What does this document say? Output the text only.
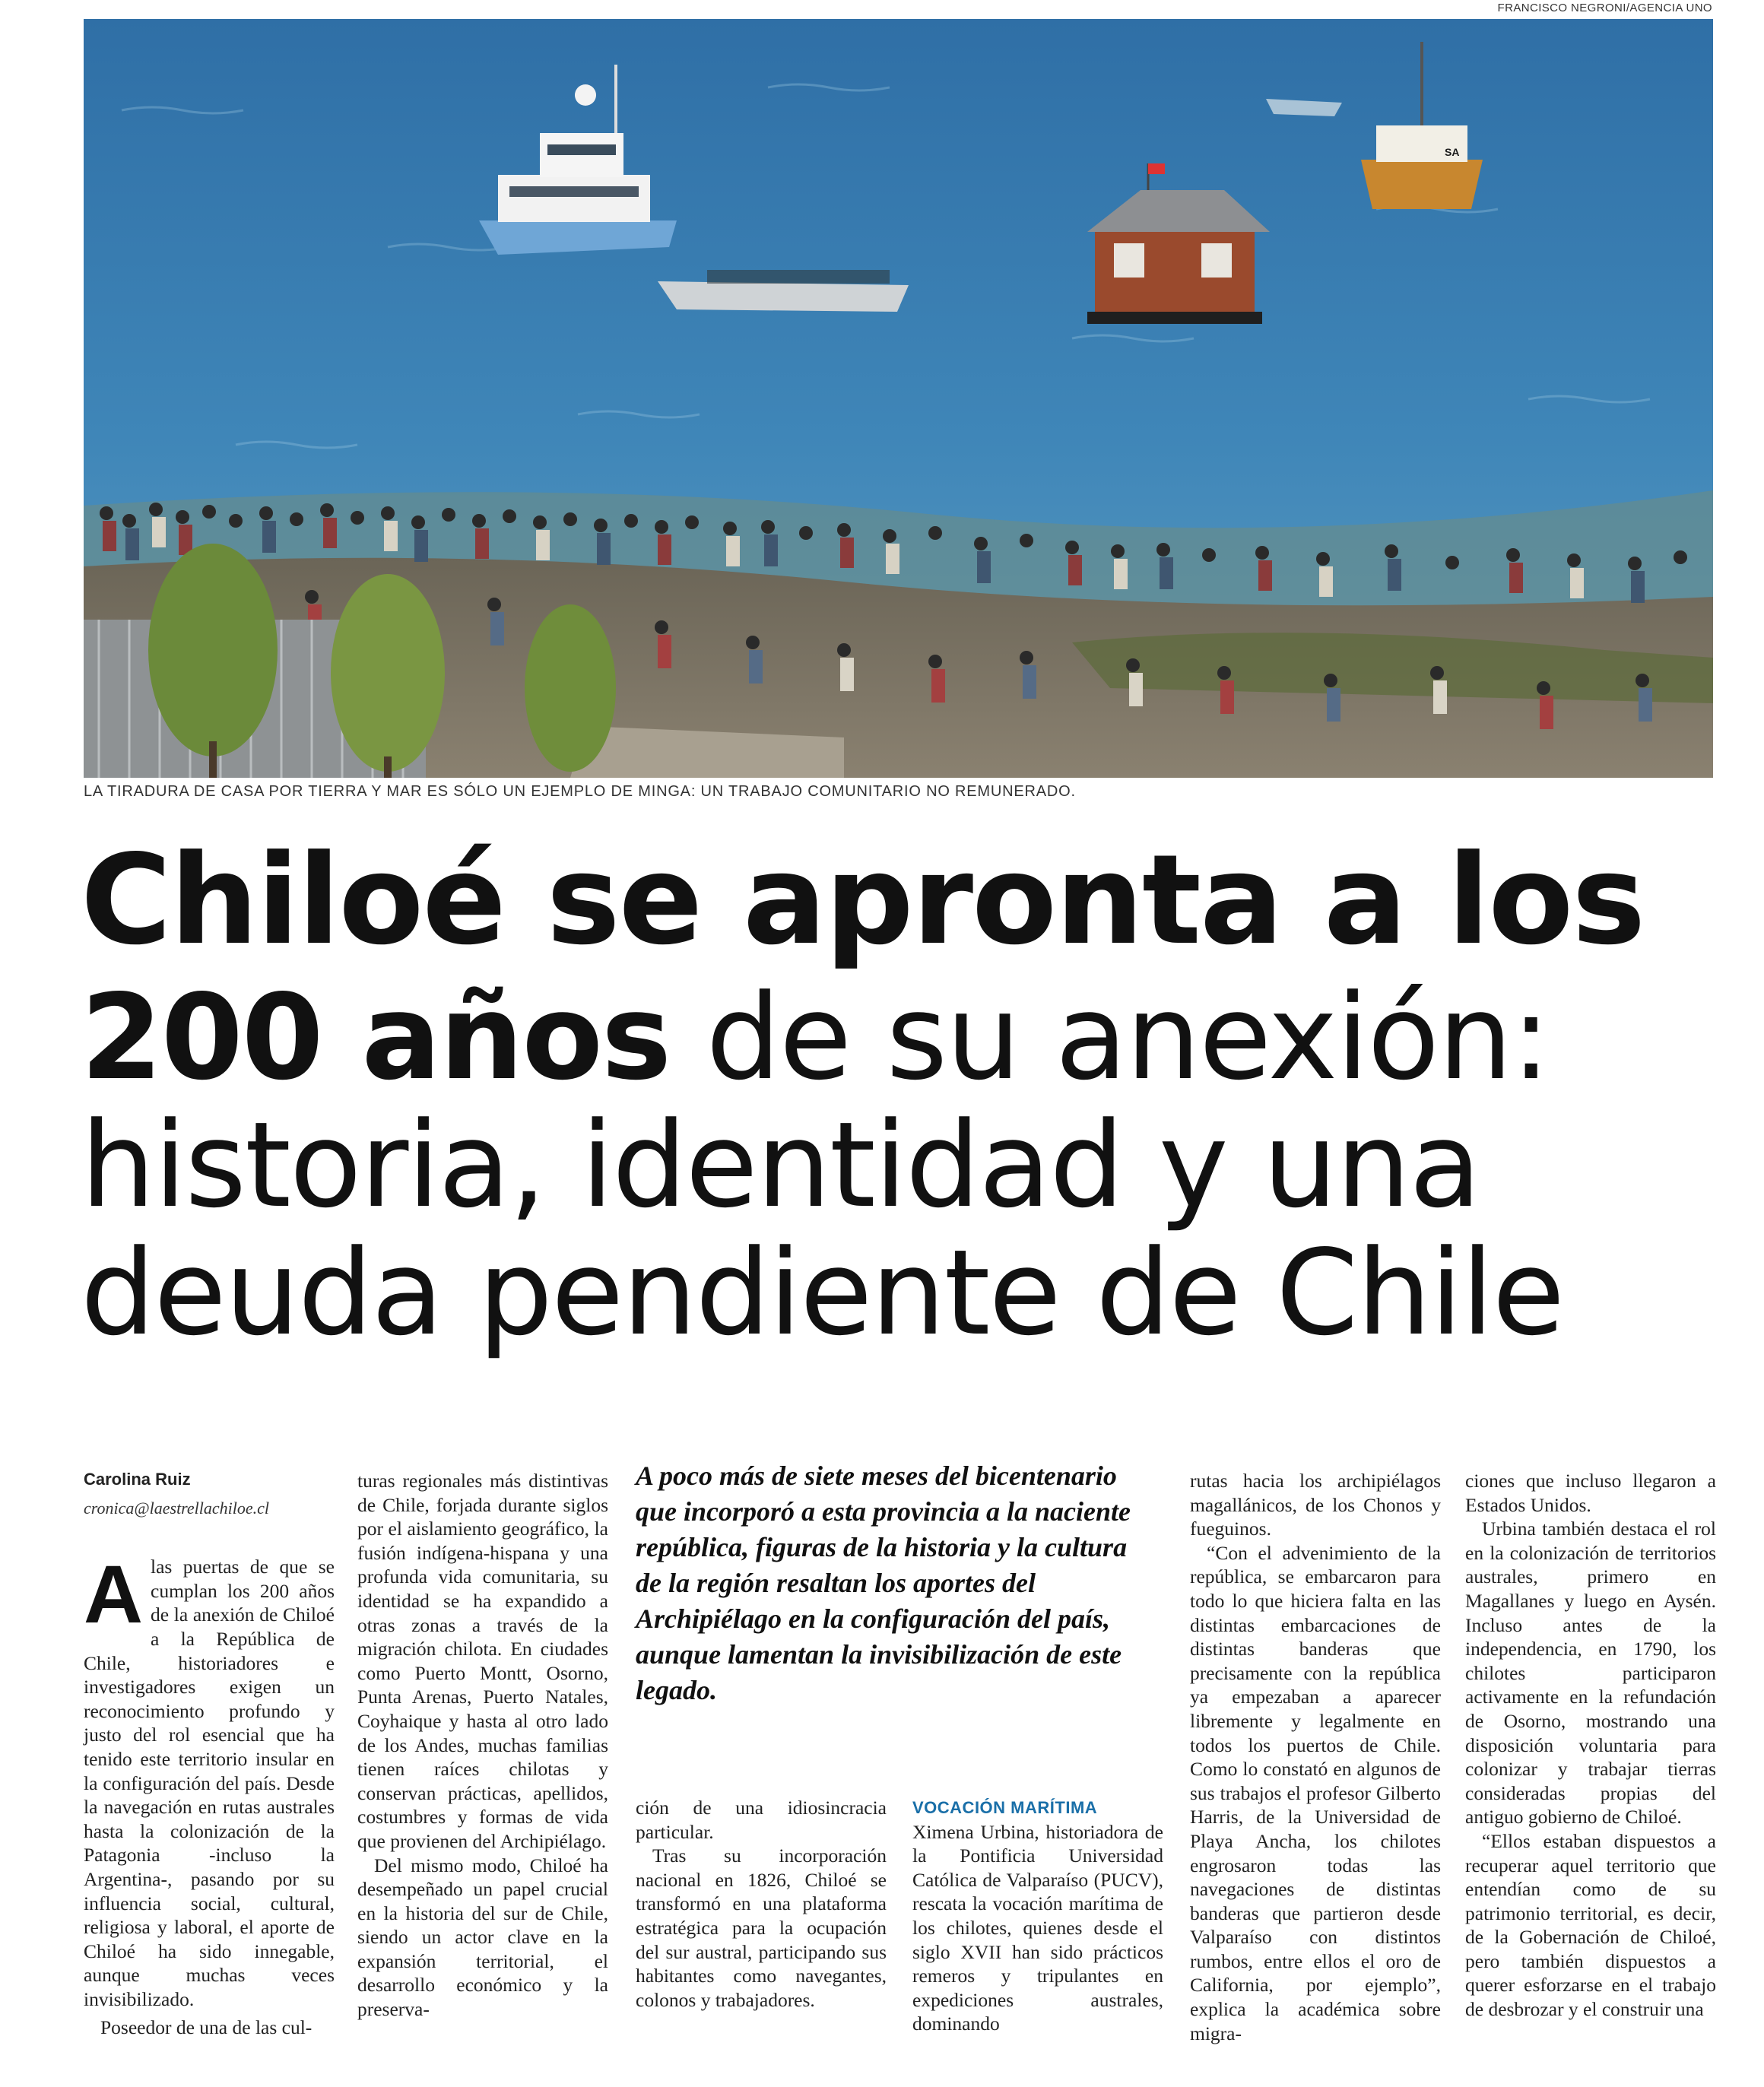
FRANCISCO NEGRONI/AGENCIA UNO
SA
LA TIRADURA DE CASA POR TIERRA Y MAR ES SÓLO UN EJEMPLO DE MINGA: UN TRABAJO COMUNITARIO NO REMUNERADO.
Chiloé se apronta a los
200 años de su anexión:
historia, identidad y una
deuda pendiente de Chile
Carolina Ruiz
cronica@laestrellachiloe.cl

Alas puertas de que se cumplan los 200 años de la anexión de Chiloé a la República de Chile, historiadores e investigadores exigen un reconocimiento profundo y justo del rol esencial que ha tenido este territorio insular en la configuración del país. Desde la navegación en rutas australes hasta la colonización de la Patagonia -incluso la Argentina-, pasando por su influencia social, cultural, religiosa y laboral, el aporte de Chiloé ha sido innegable, aunque muchas veces invisibilizado.

Poseedor de una de las cul-

turas regionales más distintivas de Chile, forjada durante siglos por el aislamiento geográfico, la fusión indígena-hispana y una profunda vida comunitaria, su identidad se ha expandido a otras zonas a través de la migración chilota. En ciudades como Puerto Montt, Osorno, Punta Arenas, Puerto Natales, Coyhaique y hasta al otro lado de los Andes, muchas familias tienen raíces chilotas y conservan prácticas, apellidos, costumbres y formas de vida que provienen del Archipiélago.

Del mismo modo, Chiloé ha desempeñado un papel crucial en la historia del sur de Chile, siendo un actor clave en la expansión territorial, el desarrollo económico y la preserva-

A poco más de siete meses del bicentenario que incorporó a esta provincia a la naciente república, figuras de la historia y la cultura de la región resaltan los aportes del Archipiélago en la configuración del país, aunque lamentan la invisibilización de este legado.

ción de una idiosincracia particular.

Tras su incorporación nacional en 1826, Chiloé se transformó en una plataforma estratégica para la ocupación del sur austral, participando sus habitantes como navegantes, colonos y trabajadores.

VOCACIÓN MARÍTIMA

Ximena Urbina, historiadora de la Pontificia Universidad Católica de Valparaíso (PUCV), rescata la vocación marítima de los chilotes, quienes desde el siglo XVII han sido prácticos remeros y tripulantes en expediciones australes, dominando

rutas hacia los archipiélagos magallánicos, de los Chonos y fueguinos.

“Con el advenimiento de la república, se embarcaron para todo lo que hiciera falta en las distintas embarcaciones de distintas banderas que precisamente con la república ya empezaban a aparecer libremente y legalmente en todos los puertos de Chile. Como lo constató en algunos de sus trabajos el profesor Gilberto Harris, de la Universidad de Playa Ancha, los chilotes engrosaron todas las navegaciones de distintas banderas que partieron desde Valparaíso con distintos rumbos, entre ellos el oro de California, por ejemplo”, explica la académica sobre migra-

ciones que incluso llegaron a Estados Unidos.

Urbina también destaca el rol en la colonización de territorios australes, primero en Magallanes y luego en Aysén. Incluso antes de la independencia, en 1790, los chilotes participaron activamente en la refundación de Osorno, mostrando una disposición voluntaria para colonizar y trabajar tierras consideradas propias del antiguo gobierno de Chiloé.

“Ellos estaban dispuestos a recuperar aquel territorio que entendían como de su patrimonio territorial, es decir, de la Gobernación de Chiloé, pero también dispuestos a querer esforzarse en el trabajo de desbrozar y el construir una
